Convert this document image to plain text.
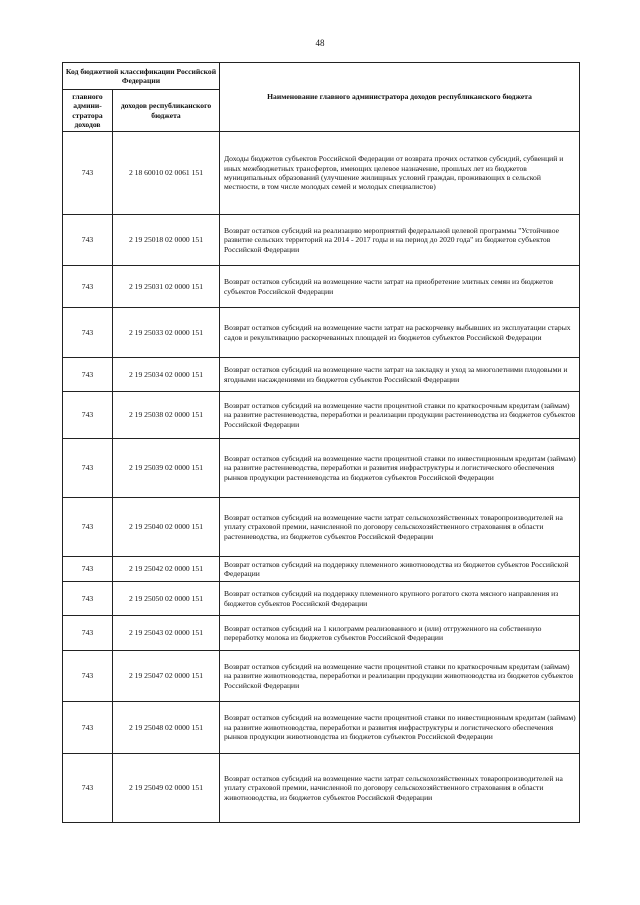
48
Код бюджетной классификации Российской Федерации		Наименование главного администратора доходов республиканского бюджета
главного админи-стратора доходов	доходов республиканского бюджета	
743	2 18 60010 02 0061 151	Доходы бюджетов субъектов Российской Федерации от возврата прочих остатков субсидий, субвенций и иных межбюджетных трансфертов, имеющих целевое назначение, прошлых лет из бюджетов муниципальных образований (улучшение жилищных условий граждан, проживающих в сельской местности, в том числе молодых семей и молодых специалистов)
743	2 19 25018 02 0000 151	Возврат остатков субсидий на реализацию мероприятий федеральной целевой программы "Устойчивое развитие сельских территорий на 2014 - 2017 годы и на период до 2020 года" из бюджетов субъектов Российской Федерации
743	2 19 25031 02 0000 151	Возврат остатков субсидий на возмещение части затрат на приобретение элитных семян из бюджетов субъектов Российской Федерации
743	2 19 25033 02 0000 151	Возврат остатков субсидий на возмещение части затрат на раскорчевку выбывших из эксплуатации старых садов и рекультивацию раскорчеванных площадей из бюджетов субъектов Российской Федерации
743	2 19 25034 02 0000 151	Возврат остатков субсидий на возмещение части затрат на закладку и уход за многолетними плодовыми и ягодными насаждениями из бюджетов субъектов Российской Федерации
743	2 19 25038 02 0000 151	Возврат остатков субсидий на возмещение части процентной ставки по краткосрочным кредитам (займам) на развитие растениеводства, переработки и реализации продукции растениеводства из бюджетов субъектов Российской Федерации
743	2 19 25039 02 0000 151	Возврат остатков субсидий на возмещение части процентной ставки по инвестиционным кредитам (займам) на развитие растениеводства, переработки и развития инфраструктуры и логистического обеспечения рынков продукции растениеводства из бюджетов субъектов Российской Федерации
743	2 19 25040 02 0000 151	Возврат остатков субсидий на возмещение части затрат сельскохозяйственных товаропроизводителей на уплату страховой премии, начисленной по договору сельскохозяйственного страхования в области растениеводства, из бюджетов субъектов Российской Федерации
743	2 19 25042 02 0000 151	Возврат остатков субсидий на поддержку племенного животноводства из бюджетов субъектов Российской Федерации
743	2 19 25050 02 0000 151	Возврат остатков субсидий на поддержку племенного крупного рогатого скота мясного направления из бюджетов субъектов Российской Федерации
743	2 19 25043 02 0000 151	Возврат остатков субсидий на 1 килограмм реализованного и (или) отгруженного на собственную переработку молока из бюджетов субъектов Российской Федерации
743	2 19 25047 02 0000 151	Возврат остатков субсидий на возмещение части процентной ставки по краткосрочным кредитам (займам) на развитие животноводства, переработки и реализации продукции животноводства из бюджетов субъектов Российской Федерации
743	2 19 25048 02 0000 151	Возврат остатков субсидий на возмещение части процентной ставки по инвестиционным кредитам (займам) на развитие животноводства, переработки и развития инфраструктуры и логистического обеспечения рынков продукции животноводства из бюджетов субъектов Российской Федерации
743	2 19 25049 02 0000 151	Возврат остатков субсидий на возмещение части затрат сельскохозяйственных товаропроизводителей на уплату страховой премии, начисленной по договору сельскохозяйственного страхования в области животноводства, из бюджетов субъектов Российской Федерации
